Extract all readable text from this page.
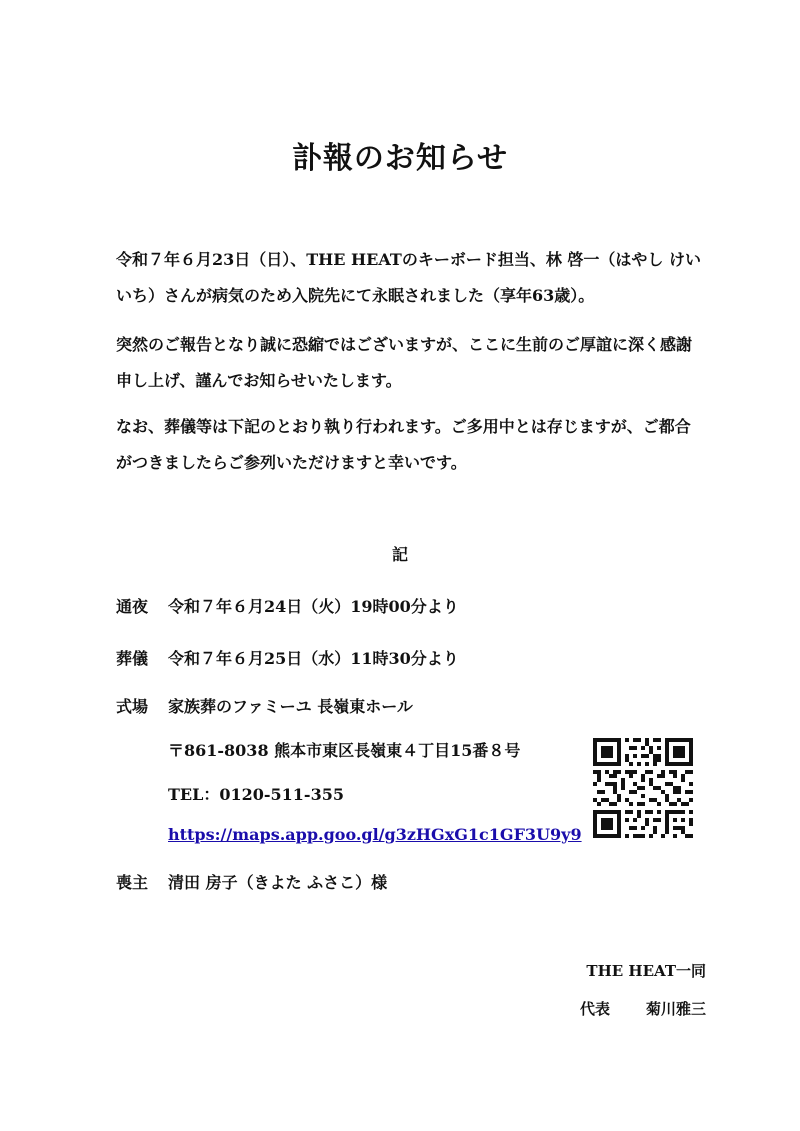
訃報のお知らせ

令和７年６月23日（日）、THE HEATのキーボード担当、林 啓一（はやし けいいち）さんが病気のため入院先にて永眠されました（享年63歳）。

突然のご報告となり誠に恐縮ではございますが、ここに生前のご厚誼に深く感謝申し上げ、謹んでお知らせいたします。

なお、葬儀等は下記のとおり執り行われます。ご多用中とは存じますが、ご都合がつきましたらご参列いただけますと幸いです。

記
通夜 令和７年６月24日（火）19時00分より
葬儀 令和７年６月25日（水）11時30分より
式場 家族葬のファミーユ 長嶺東ホール
〒861-8038 熊本市東区長嶺東４丁目15番８号
TEL：0120-511-355
https://maps.app.goo.gl/g3zHGxG1c1GF3U9y9
喪主 清田 房子（きよた ふさこ）様
THE HEAT一同
代表 菊川雅三
